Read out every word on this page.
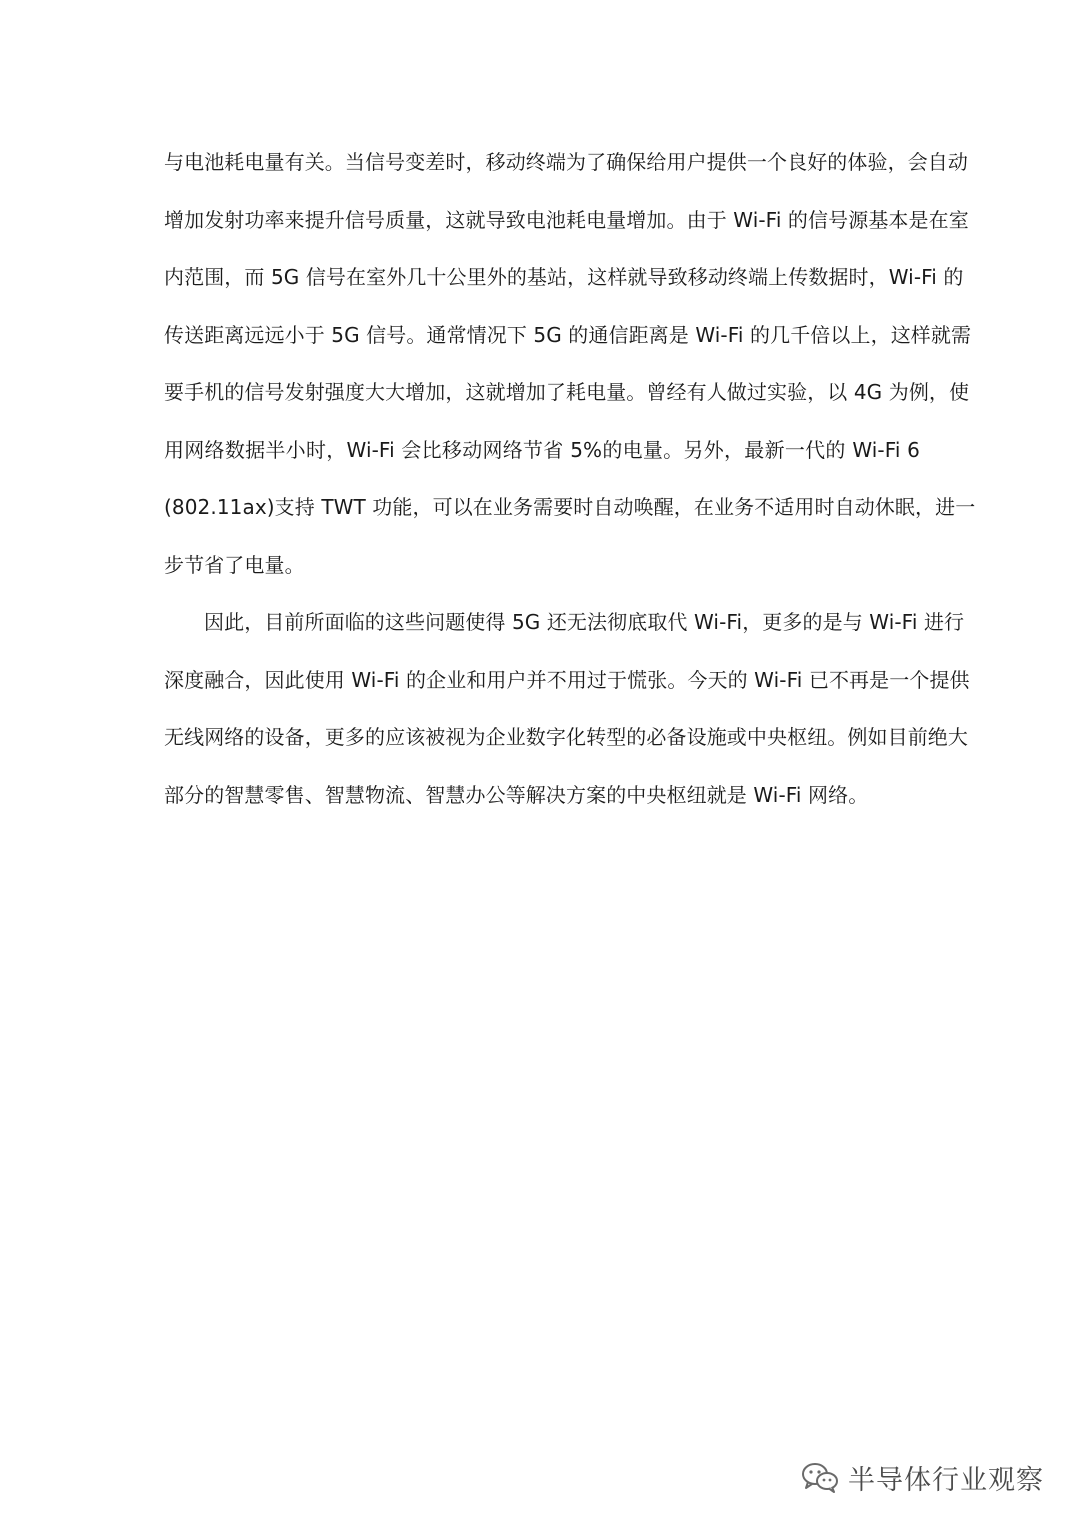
与电池耗电量有关。当信号变差时，移动终端为了确保给用户提供一个良好的体验，会自动
增加发射功率来提升信号质量，这就导致电池耗电量增加。由于 Wi-Fi 的信号源基本是在室
内范围，而 5G 信号在室外几十公里外的基站，这样就导致移动终端上传数据时，Wi-Fi 的
传送距离远远小于 5G 信号。通常情况下 5G 的通信距离是 Wi-Fi 的几千倍以上，这样就需
要手机的信号发射强度大大增加，这就增加了耗电量。曾经有人做过实验，以 4G 为例，使
用网络数据半小时，Wi-Fi 会比移动网络节省 5%的电量。另外，最新一代的 Wi-Fi 6
(802.11ax)支持 TWT 功能，可以在业务需要时自动唤醒，在业务不适用时自动休眠，进一
步节省了电量。
因此，目前所面临的这些问题使得 5G 还无法彻底取代 Wi-Fi，更多的是与 Wi-Fi 进行
深度融合，因此使用 Wi-Fi 的企业和用户并不用过于慌张。今天的 Wi-Fi 已不再是一个提供
无线网络的设备，更多的应该被视为企业数字化转型的必备设施或中央枢纽。例如目前绝大
部分的智慧零售、智慧物流、智慧办公等解决方案的中央枢纽就是 Wi-Fi 网络。
半导体行业观察
